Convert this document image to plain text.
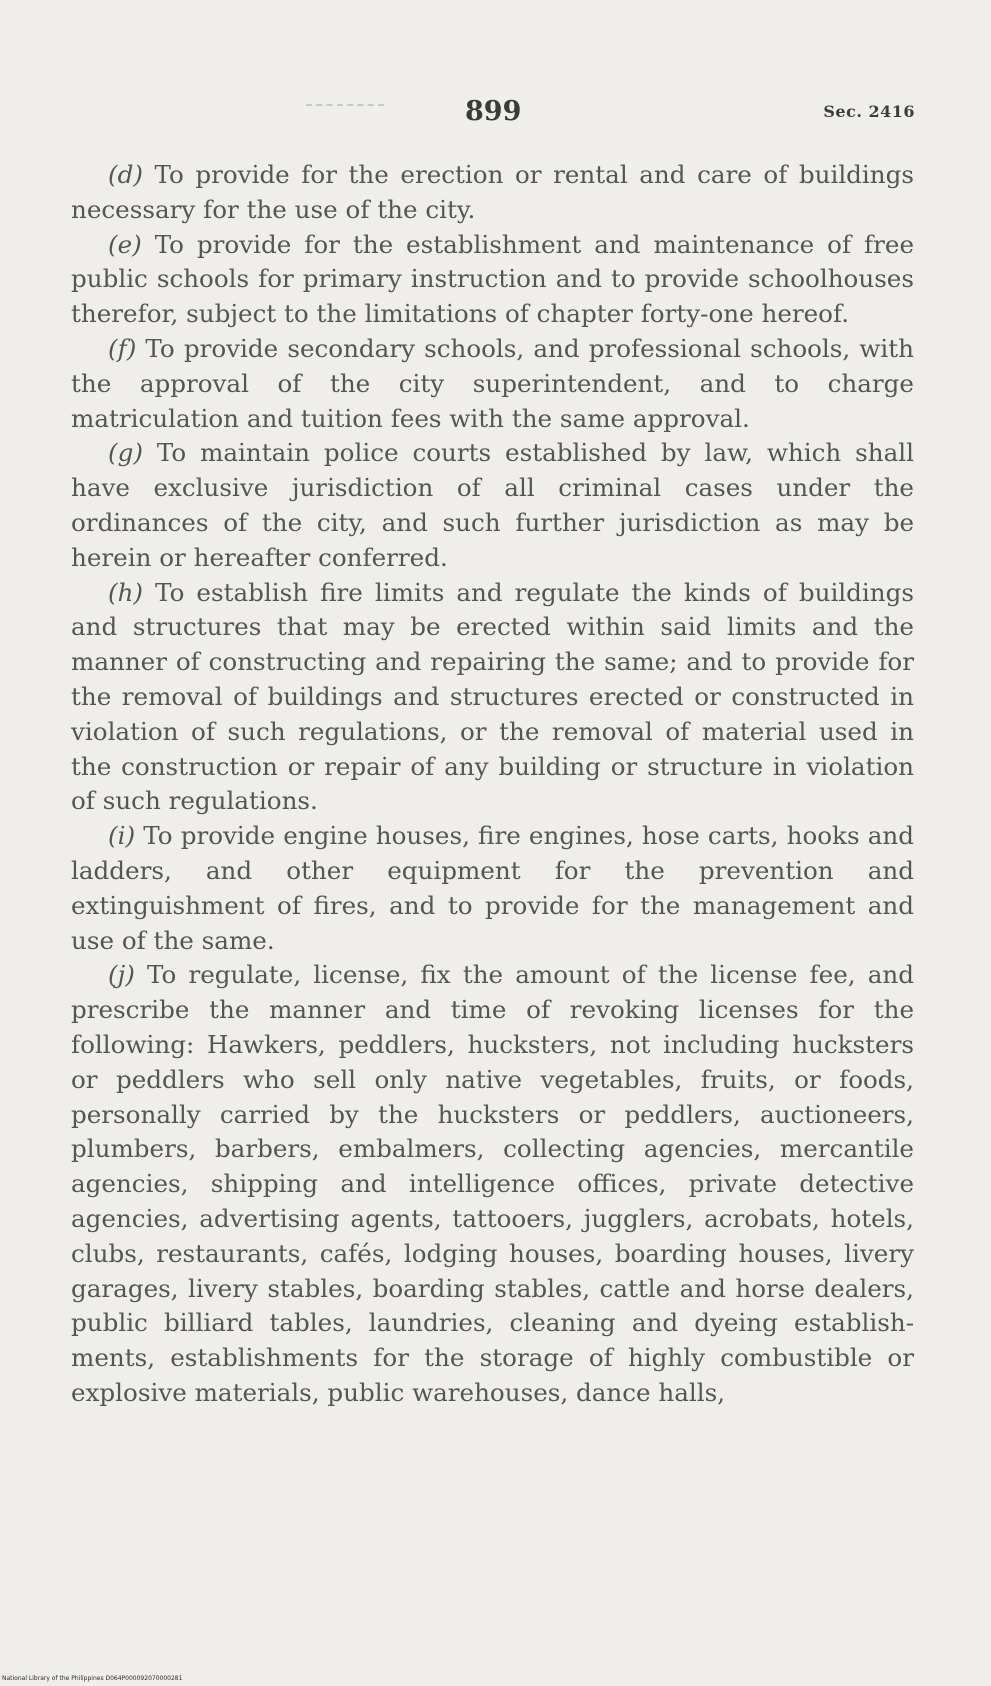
899	Sec. 2416

(d) To provide for the erection or rental and care of buildings necessary for the use of the city.

(e) To provide for the establishment and maintenance of free public schools for primary instruction and to provide schoolhouses therefor, subject to the limitations of chapter forty-one hereof.

(f) To provide secondary schools, and professional schools, with the approval of the city superintendent, and to charge matriculation and tuition fees with the same approval.

(g) To maintain police courts established by law, which shall have exclusive jurisdiction of all criminal cases under the ordinances of the city, and such further jurisdiction as may be herein or hereafter conferred.

(h) To establish fire limits and regulate the kinds of buildings and structures that may be erected within said limits and the manner of constructing and repairing the same; and to provide for the removal of buildings and structures erected or constructed in violation of such regulations, or the removal of material used in the construction or repair of any building or structure in violation of such regulations.

(i) To provide engine houses, fire engines, hose carts, hooks and ladders, and other equipment for the prevention and extinguishment of fires, and to provide for the management and use of the same.

(j) To regulate, license, fix the amount of the license fee, and prescribe the manner and time of revoking licenses for the following: Hawkers, peddlers, hucksters, not including hucksters or peddlers who sell only native vegetables, fruits, or foods, personally carried by the hucksters or peddlers, auctioneers, plumbers, barbers, embalmers, collecting agencies, mercantile agencies, shipping and intelligence offices, private detective agencies, advertising agents, tattooers, jugglers, acrobats, hotels, clubs, restaurants, cafés, lodging houses, boarding houses, livery garages, livery stables, boarding stables, cattle and horse dealers, public billiard tables, laundries, cleaning and dyeing establishments, establishments for the storage of highly combustible or explosive materials, public warehouses, dance halls,

National Library of the Philippines D064P000092070000281
